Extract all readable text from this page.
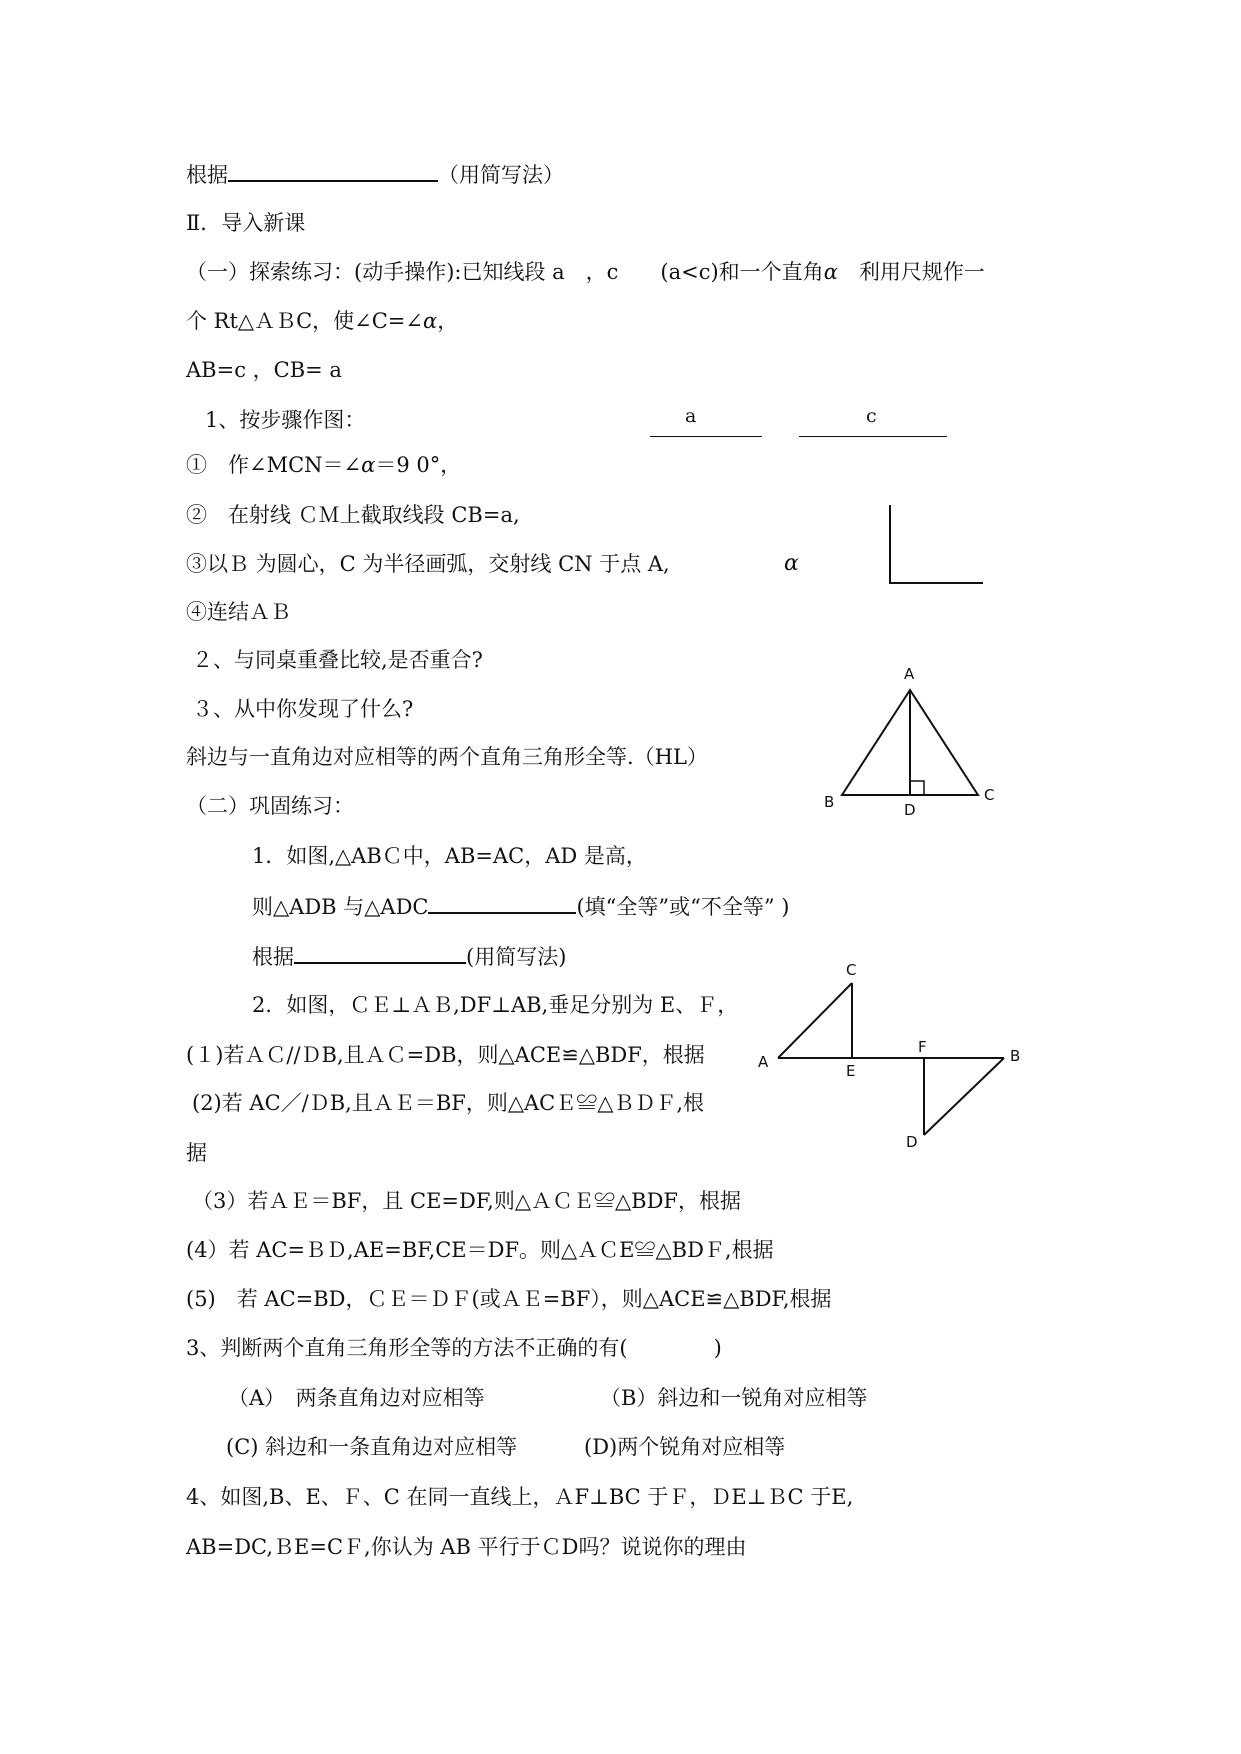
根据	（用简写法）
Ⅱ．导入新课
（一）探索练习：(动手操作):已知线段 a　，c　　(a<c)和一个直角α　利用尺规作一
个 Rt△ＡＢC，使∠C=∠α，
AB=c ，CB= a
1、按步骤作图：	a	c
①　作∠MCN＝∠α＝9 0°，
②　在射线 ＣＭ上截取线段 CB=a,
③以Ｂ 为圆心，C 为半径画弧，交射线 CN 于点 A,	α
④连结ＡＢ
２、与同桌重叠比较,是否重合?
３、从中你发现了什么?
斜边与一直角边对应相等的两个直角三角形全等.（HL）
A
B	C
D
（二）巩固练习：
1．如图,△ABＣ中，AB=AC，AD 是高，
则△ADB 与△ADC	(填“全等”或“不全等” )
根据	(用简写法)
2．如图，ＣＥ⊥ＡＢ,DF⊥AB,垂足分别为 E、Ｆ，
C
A	E
F	B
D
(１)若ＡＣ//ＤB,且ＡＣ=DB，则△ACE≌△BDF，根据
(2)若 AC／/ＤB,且ＡＥ＝BF，则△ACＥ≌△ＢＤＦ,根
据
（3）若ＡＥ＝BF，且 CE=DF,则△ＡＣＥ≌△BDF，根据
(4）若 AC=ＢＤ,AE=BF,CE＝DF。则△ＡＣE≌△BDＦ,根据
(5)　若 AC=BD，ＣＥ＝ＤＦ(或ＡＥ=BF），则△ACE≌△BDF,根据
3、判断两个直角三角形全等的方法不正确的有(	)
（A）　两条直角边对应相等	（B）斜边和一锐角对应相等
(C) 斜边和一条直角边对应相等	(D)两个锐角对应相等
4、如图,B、E、Ｆ、C 在同一直线上，ＡF⊥BC 于Ｆ，ＤE⊥ＢC 于E,
AB=DC,ＢE=CＦ,你认为 AB 平行于ＣD吗？说说你的理由
